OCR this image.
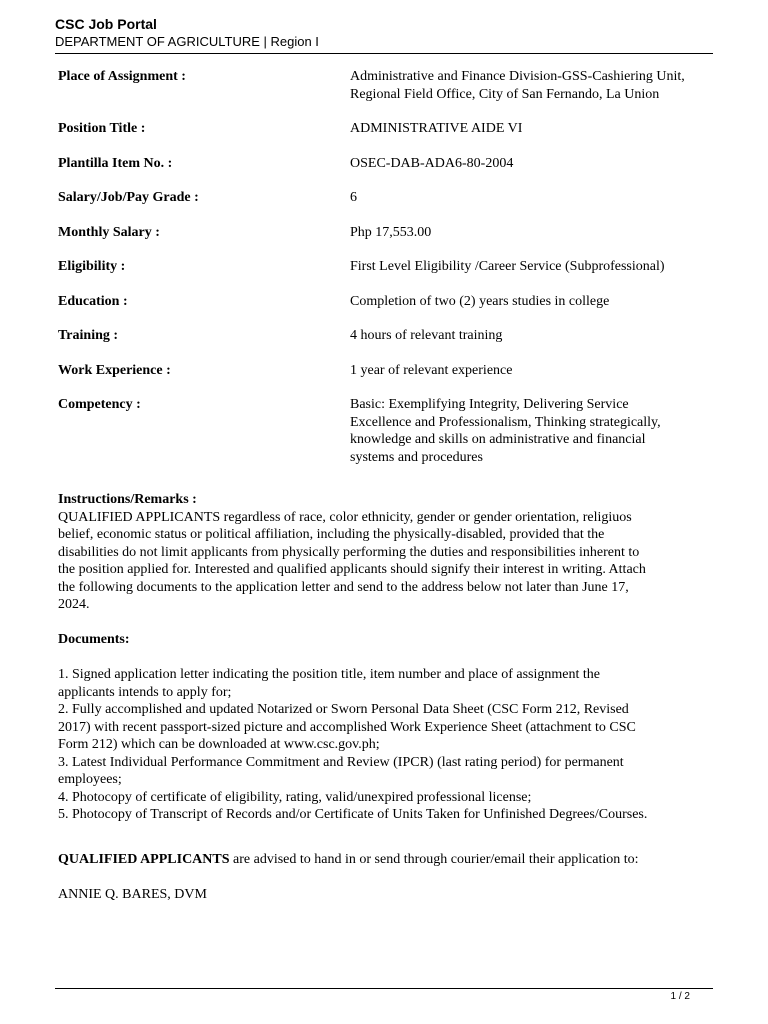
CSC Job Portal
DEPARTMENT OF AGRICULTURE | Region I
Place of Assignment :	Administrative and Finance Division-GSS-Cashiering Unit,
Regional Field Office, City of San Fernando, La Union
Position Title :	ADMINISTRATIVE AIDE VI
Plantilla Item No. :	OSEC-DAB-ADA6-80-2004
Salary/Job/Pay Grade :	6
Monthly Salary :	Php 17,553.00
Eligibility :	First Level Eligibility /Career Service (Subprofessional)
Education :	Completion of two (2) years studies in college
Training :	4 hours of relevant training
Work Experience :	1 year of relevant experience
Competency :	Basic: Exemplifying Integrity, Delivering Service
Excellence and Professionalism, Thinking strategically,
knowledge and skills on administrative and financial
systems and procedures
Instructions/Remarks :
QUALIFIED APPLICANTS regardless of race, color ethnicity, gender or gender orientation, religiuos
belief, economic status or political affiliation, including the physically-disabled, provided that the
disabilities do not limit applicants from physically performing the duties and responsibilities inherent to
the position applied for. Interested and qualified applicants should signify their interest in writing. Attach
the following documents to the application letter and send to the address below not later than June 17,
2024.
Documents:
1. Signed application letter indicating the position title, item number and place of assignment the
applicants intends to apply for;
2. Fully accomplished and updated Notarized or Sworn Personal Data Sheet (CSC Form 212, Revised
2017) with recent passport-sized picture and accomplished Work Experience Sheet (attachment to CSC
Form 212) which can be downloaded at www.csc.gov.ph;
3. Latest Individual Performance Commitment and Review (IPCR) (last rating period) for permanent
employees;
4. Photocopy of certificate of eligibility, rating, valid/unexpired professional license;
5. Photocopy of Transcript of Records and/or Certificate of Units Taken for Unfinished Degrees/Courses.
QUALIFIED APPLICANTS are advised to hand in or send through courier/email their application to:
ANNIE Q. BARES, DVM
1 / 2
